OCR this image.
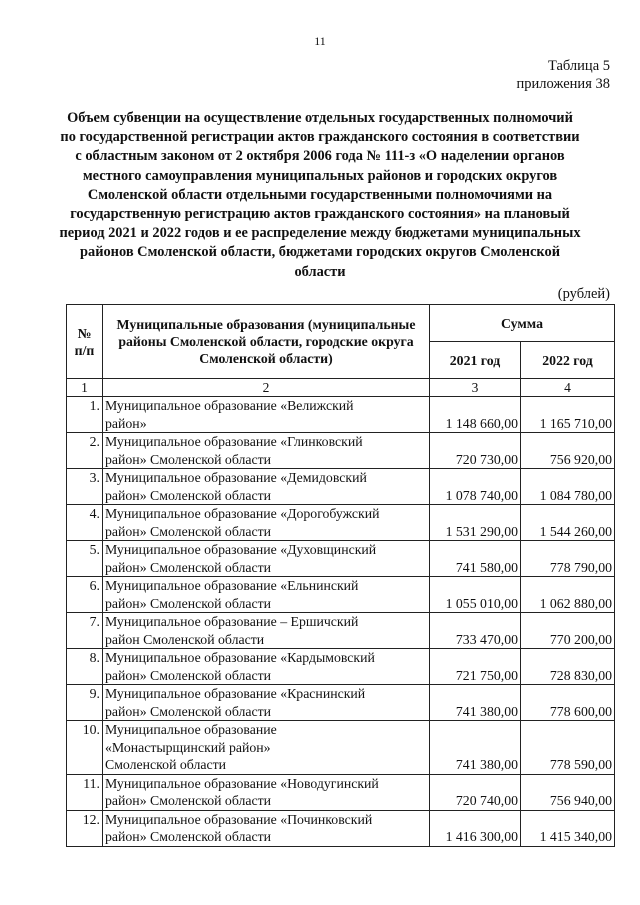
11
Таблица 5
приложения 38
Объем субвенции на осуществление отдельных государственных полномочий
по государственной регистрации актов гражданского состояния в соответствии
с областным законом от 2 октября 2006 года № 111-з «О наделении органов
местного самоуправления муниципальных районов и городских округов
Смоленской области отдельными государственными полномочиями на
государственную регистрацию актов гражданского состояния» на плановый
период 2021 и 2022 годов и ее распределение между бюджетами муниципальных
районов Смоленской области, бюджетами городских округов Смоленской
области
(рублей)
№ п/п	Муниципальные образования (муниципальные районы Смоленской области, городские округа Смоленской области)	Сумма	
		2021 год	2022 год
1	2	3	4
1.	Муниципальное образование «Велижский
район»	1 148 660,00	1 165 710,00
2.	Муниципальное образование «Глинковский
район» Смоленской области	720 730,00	756 920,00
3.	Муниципальное образование «Демидовский
район» Смоленской области	1 078 740,00	1 084 780,00
4.	Муниципальное образование «Дорогобужский
район» Смоленской области	1 531 290,00	1 544 260,00
5.	Муниципальное образование «Духовщинский
район» Смоленской области	741 580,00	778 790,00
6.	Муниципальное образование «Ельнинский
район» Смоленской области	1 055 010,00	1 062 880,00
7.	Муниципальное образование – Ершичский
район Смоленской области	733 470,00	770 200,00
8.	Муниципальное образование «Кардымовский
район» Смоленской области	721 750,00	728 830,00
9.	Муниципальное образование «Краснинский
район» Смоленской области	741 380,00	778 600,00
10.	Муниципальное образование
«Монастырщинский район»
Смоленской области	741 380,00	778 590,00
11.	Муниципальное образование «Новодугинский
район» Смоленской области	720 740,00	756 940,00
12.	Муниципальное образование «Починковский
район» Смоленской области	1 416 300,00	1 415 340,00
